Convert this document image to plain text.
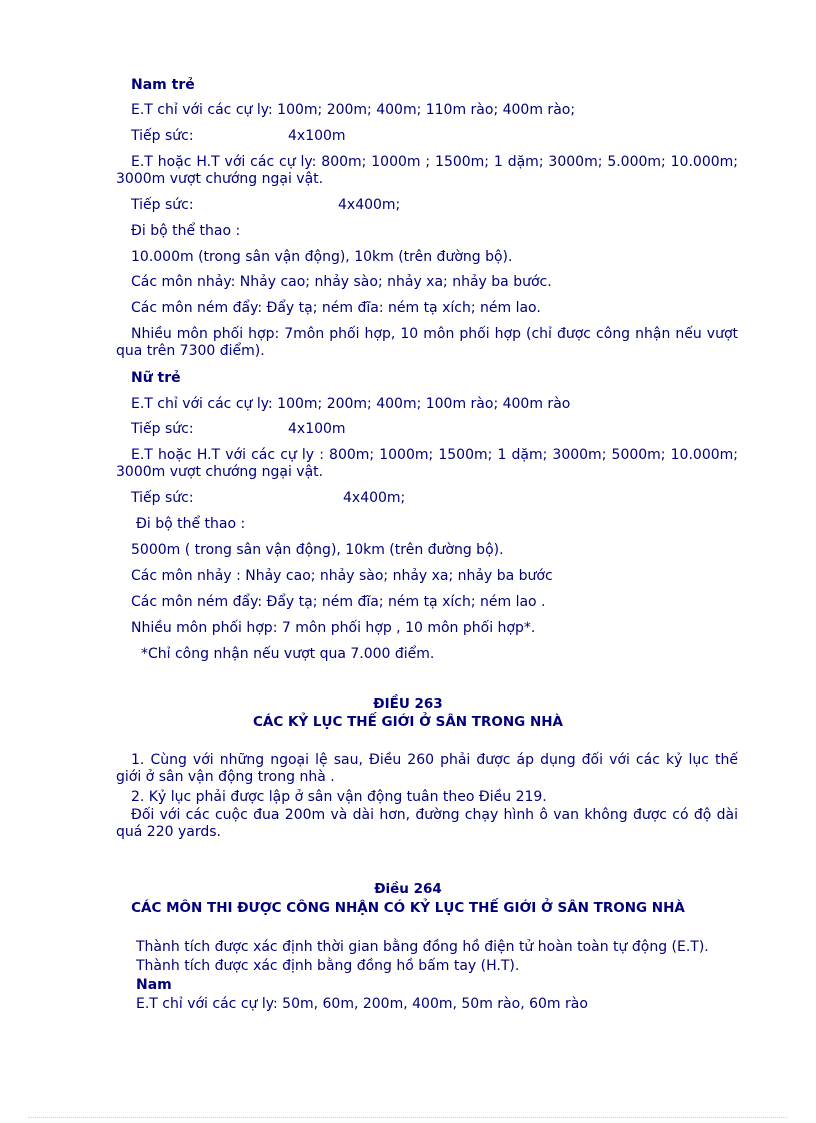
Nam trẻ
E.T chỉ với các cự ly: 100m; 200m; 400m; 110m rào; 400m rào;
Tiếp sức:	4x100m
E.T hoặc H.T với các cự ly: 800m; 1000m ; 1500m; 1 dặm; 3000m; 5.000m; 10.000m; 3000m vượt chướng ngại vật.
Tiếp sức:	4x400m;
Đi bộ thể thao :
10.000m (trong sân vận động), 10km (trên đường bộ).
Các môn nhảy: Nhảy cao; nhảy sào; nhảy xa; nhảy ba bước.
Các môn ném đẩy: Đẩy tạ; ném đĩa: ném tạ xích; ném lao.
Nhiều môn phối hợp: 7môn phối hợp, 10 môn phối hợp (chỉ được công nhận nếu vượt qua trên 7300 điểm).
Nữ trẻ
E.T chỉ với các cự ly: 100m; 200m; 400m; 100m rào; 400m rào
Tiếp sức:	4x100m
E.T hoặc H.T với các cự ly : 800m; 1000m; 1500m; 1 dặm; 3000m; 5000m; 10.000m; 3000m vượt chướng ngại vật.
Tiếp sức:	4x400m;
Đi bộ thể thao :
5000m ( trong sân vận động), 10km (trên đường bộ).
Các môn nhảy : Nhảy cao; nhảy sào; nhảy xa; nhảy ba bước
Các môn ném đẩy: Đẩy tạ; ném đĩa; ném tạ xích; ném lao .
Nhiều môn phối hợp: 7 môn phối hợp , 10 môn phối hợp*.
*Chỉ công nhận nếu vượt qua 7.000 điểm.
ĐIỀU 263
CÁC KỶ LỤC THẾ GIỚI Ở SÂN TRONG NHÀ
1. Cùng với những ngoại lệ sau, Điều 260 phải được áp dụng đối với các kỷ lục thế giới ở sân vận động trong nhà .
2. Kỷ lục phải được lập ở sân vận động tuân theo Điều 219.
Đối với các cuộc đua 200m và dài hơn, đường chạy hình ô van không được có độ dài quá 220 yards.
Điều 264
CÁC MÔN THI ĐƯỢC CÔNG NHẬN CÓ KỶ LỤC THẾ GIỚI Ở SÂN TRONG NHÀ
Thành tích được xác định thời gian bằng đồng hồ điện tử hoàn toàn tự động (E.T).
Thành tích được xác định bằng đồng hồ bấm tay (H.T).
Nam
E.T chỉ với các cự ly: 50m, 60m, 200m, 400m, 50m rào, 60m rào
